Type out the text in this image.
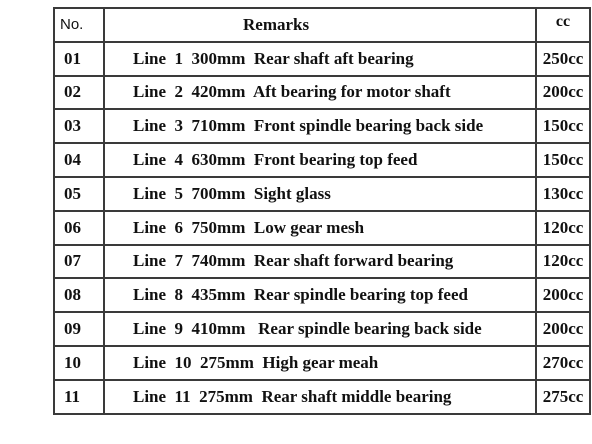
No.	Remarks	cc
01	Line  1  300mm  Rear shaft aft bearing	250cc
02	Line  2  420mm  Aft bearing for motor shaft	200cc
03	Line  3  710mm  Front spindle bearing back side	150cc
04	Line  4  630mm  Front bearing top feed	150cc
05	Line  5  700mm  Sight glass	130cc
06	Line  6  750mm  Low gear mesh	120cc
07	Line  7  740mm  Rear shaft forward bearing	120cc
08	Line  8  435mm  Rear spindle bearing top feed	200cc
09	Line  9  410mm   Rear spindle bearing back side	200cc
10	Line  10  275mm  High gear meah	270cc
11	Line  11  275mm  Rear shaft middle bearing	275cc
